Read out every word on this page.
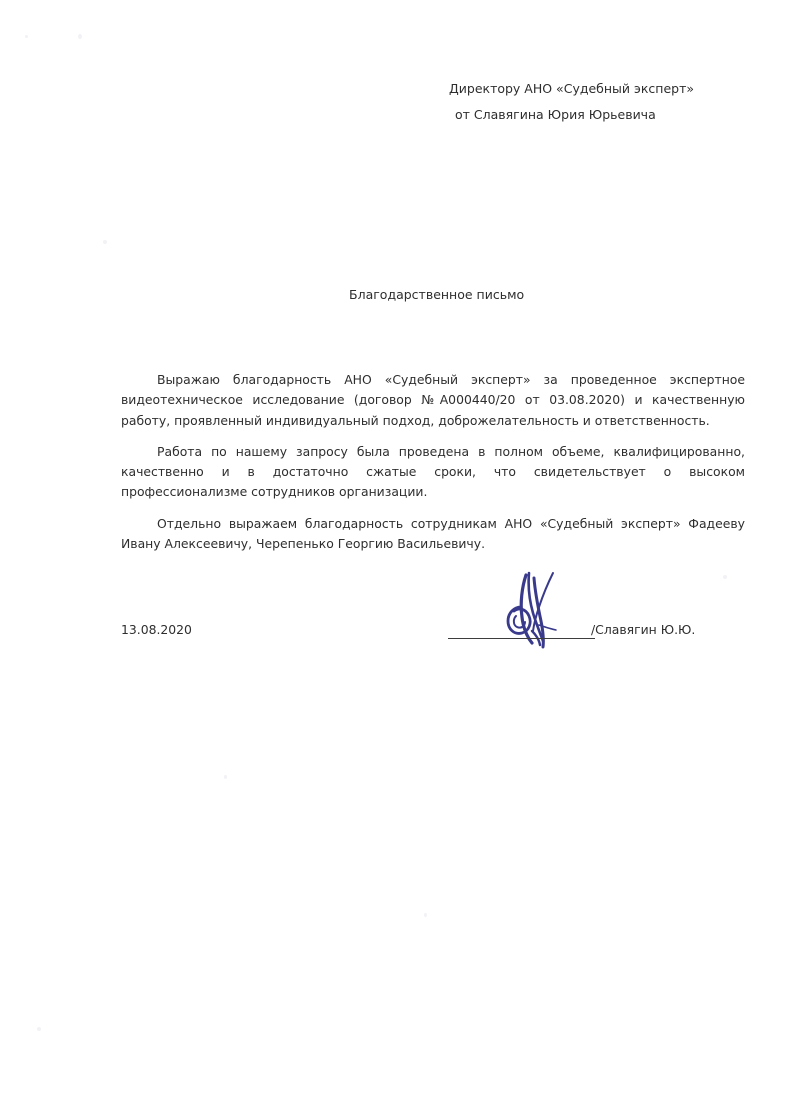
Директору АНО «Судебный эксперт»
от Славягина Юрия Юрьевича
Благодарственное письмо

Выражаю благодарность АНО «Судебный эксперт» за проведенное экспертное видеотехническое исследование (договор №А000440/20 от 03.08.2020) и качественную работу, проявленный индивидуальный подход, доброжелательность и ответственность.

Работа по нашему запросу была проведена в полном объеме, квалифицированно, качественно и в достаточно сжатые сроки, что свидетельствует о высоком профессионализме сотрудников организации.

Отдельно выражаем благодарность сотрудникам АНО «Судебный эксперт» Фадееву Ивану Алексеевичу, Черепенько Георгию Васильевичу.

13.08.2020	/Славягин Ю.Ю.
